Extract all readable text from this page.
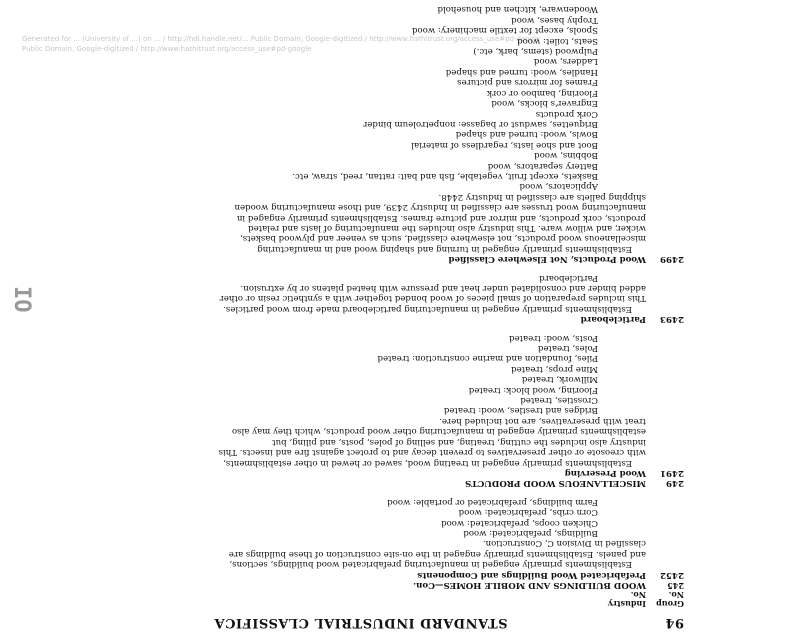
Generated for ... (University of ...) on ... / http://hdl.handle.net/... Public Domain, Google-digitized / http://www.hathitrust.org/access_use#pd-google
Public Domain, Google-digitized / http://www.hathitrust.org/access_use#pd-google
IO
94
STANDARD INDUSTRIAL CLASSIFICA
Group
No.
245
Industry
No.
WOOD BUILDINGS AND MOBILE HOMES—Con.
2452
Prefabricated Wood Buildings and Components
Establishments primarily engaged in manufacturing prefabricated wood buildings, sections, and panels. Establishments primarily engaged in the on-site construction of these buildings are classified in Division C, Construction.
Buildings, prefabricated: wood
Chicken coops, prefabricated: wood
Corn cribs, prefabricated: wood
Farm buildings, prefabricated or portable: wood
249
MISCELLANEOUS WOOD PRODUCTS
2491
Wood Preserving
Establishments primarily engaged in treating wood, sawed or hewed in other establishments, with creosote or other preservatives to prevent decay and to protect against fire and insects. This industry also includes the cutting, treating, and selling of poles, posts, and piling, but establishments primarily engaged in manufacturing other wood products, which they may also treat with preservatives, are not included here.
Bridges and trestles, wood: treated
Crossties, treated
Flooring, wood block: treated
Millwork, treated
Mine props, treated
Piles, foundation and marine construction: treated
Poles, treated
Posts, wood: treated
2493
Particleboard
Establishments primarily engaged in manufacturing particleboard made from wood particles. This includes preparation of small pieces of wood bonded together with a synthetic resin or other added binder and consolidated under heat and pressure with heated platens or by extrusion.
Particleboard
2499
Wood Products, Not Elsewhere Classified
Establishments primarily engaged in turning and shaping wood and in manufacturing miscellaneous wood products, not elsewhere classified, such as veneer and plywood baskets, wicker, and willow ware. This industry also includes the manufacturing of lasts and related products, cork products, and mirror and picture frames. Establishments primarily engaged in manufacturing wood trusses are classified in Industry 2439, and those manufacturing wooden shipping pallets are classified in Industry 2448.
Applicators, wood
Baskets, except fruit, vegetable, fish and bait: rattan, reed, straw, etc.
Battery separators, wood
Bobbins, wood
Boot and shoe lasts, regardless of material
Bowls, wood: turned and shaped
Briquettes, sawdust or bagasse: nonpetroleum binder
Cork products
Engraver's blocks, wood
Flooring, bamboo or cork
Frames for mirrors and pictures
Handles, wood: turned and shaped
Ladders, wood
Pulpwood (stems, bark, etc.)
Seats, toilet: wood
Spools, except for textile machinery: wood
Trophy bases, wood
Woodenware, kitchen and household
